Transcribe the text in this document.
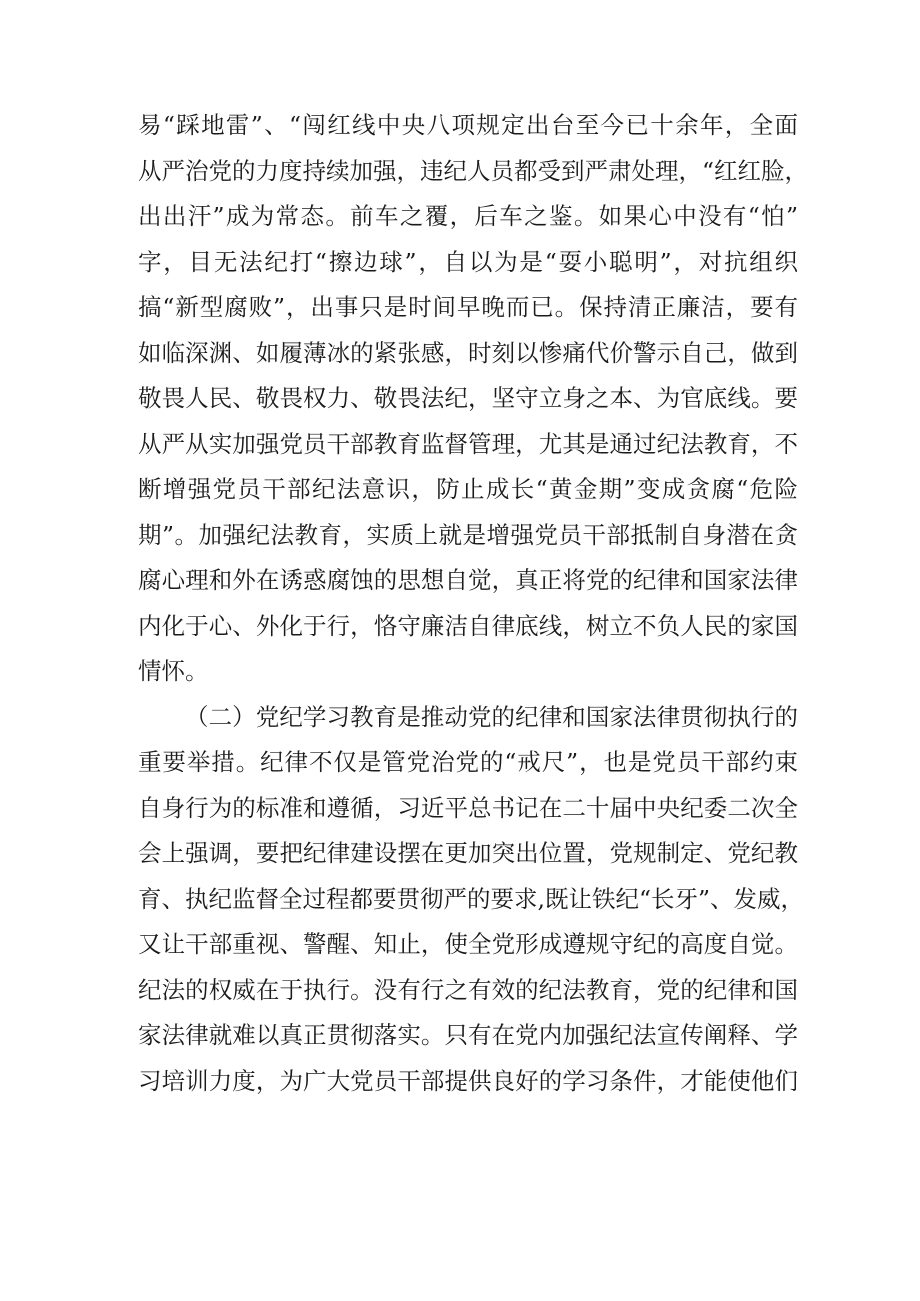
易“踩地雷”、“闯红线中央八项规定出台至今已十余年，全面
从严治党的力度持续加强，违纪人员都受到严肃处理，“红红脸，
出出汗”成为常态。前车之覆，后车之鉴。如果心中没有“怕”
字，目无法纪打“擦边球”，自以为是“耍小聪明”，对抗组织
搞“新型腐败”，出事只是时间早晚而已。保持清正廉洁，要有
如临深渊、如履薄冰的紧张感，时刻以惨痛代价警示自己，做到
敬畏人民、敬畏权力、敬畏法纪，坚守立身之本、为官底线。要
从严从实加强党员干部教育监督管理，尤其是通过纪法教育，不
断增强党员干部纪法意识，防止成长“黄金期”变成贪腐“危险
期”。加强纪法教育，实质上就是增强党员干部抵制自身潜在贪
腐心理和外在诱惑腐蚀的思想自觉，真正将党的纪律和国家法律
内化于心、外化于行，恪守廉洁自律底线，树立不负人民的家国
情怀。
（二）党纪学习教育是推动党的纪律和国家法律贯彻执行的
重要举措。纪律不仅是管党治党的“戒尺”，也是党员干部约束
自身行为的标准和遵循，习近平总书记在二十届中央纪委二次全
会上强调，要把纪律建设摆在更加突出位置，党规制定、党纪教
育、执纪监督全过程都要贯彻严的要求,既让铁纪“长牙”、发威，
又让干部重视、警醒、知止，使全党形成遵规守纪的高度自觉。
纪法的权威在于执行。没有行之有效的纪法教育，党的纪律和国
家法律就难以真正贯彻落实。只有在党内加强纪法宣传阐释、学
习培训力度，为广大党员干部提供良好的学习条件，才能使他们
